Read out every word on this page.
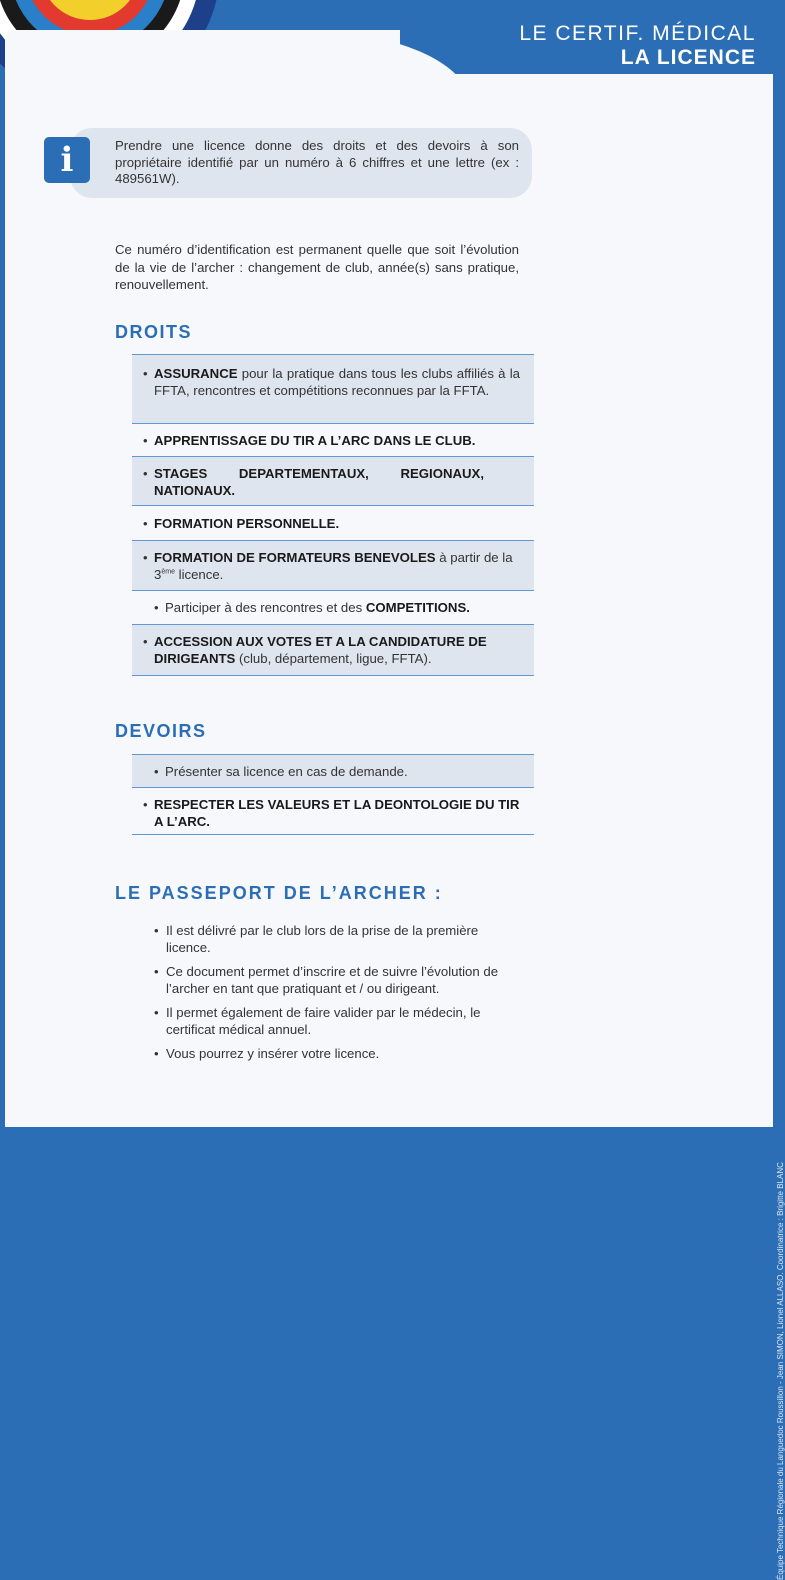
LE CERTIF. MÉDICAL
LA LICENCE
Équipe Technique Régionale du Languedoc Roussillon - Jean SIMON, Lionel ALLASO. Coordinatrice : Brigitte BLANC
i	Prendre une licence donne des droits et des devoirs à son propriétaire identifié par un numéro à 6 chiffres et une lettre (ex : 489561W).
Ce numéro d’identification est permanent quelle que soit l’évolution de la vie de l’archer : changement de club, année(s) sans pratique, renouvellement.
DROITS
• ASSURANCE pour la pratique dans tous les clubs affiliés à la FFTA, rencontres et compétitions reconnues par la FFTA.
• APPRENTISSAGE DU TIR A L’ARC DANS LE CLUB.
• STAGES DEPARTEMENTAUX, REGIONAUX, NATIONAUX.
• FORMATION PERSONNELLE.
• FORMATION DE FORMATEURS BENEVOLES à partir de la 3ème licence.
• Participer à des rencontres et des COMPETITIONS.
• ACCESSION AUX VOTES ET A LA CANDIDATURE DE DIRIGEANTS (club, département, ligue, FFTA).
DEVOIRS
• Présenter sa licence en cas de demande.
• RESPECTER LES VALEURS ET LA DEONTOLOGIE DU TIR A L’ARC.
LE PASSEPORT DE L’ARCHER :
• Il est délivré par le club lors de la prise de la première licence.
• Ce document permet d’inscrire et de suivre l’évolution de l’archer en tant que pratiquant et / ou dirigeant.
• Il permet également de faire valider par le médecin, le certificat médical annuel.
• Vous pourrez y insérer votre licence.
